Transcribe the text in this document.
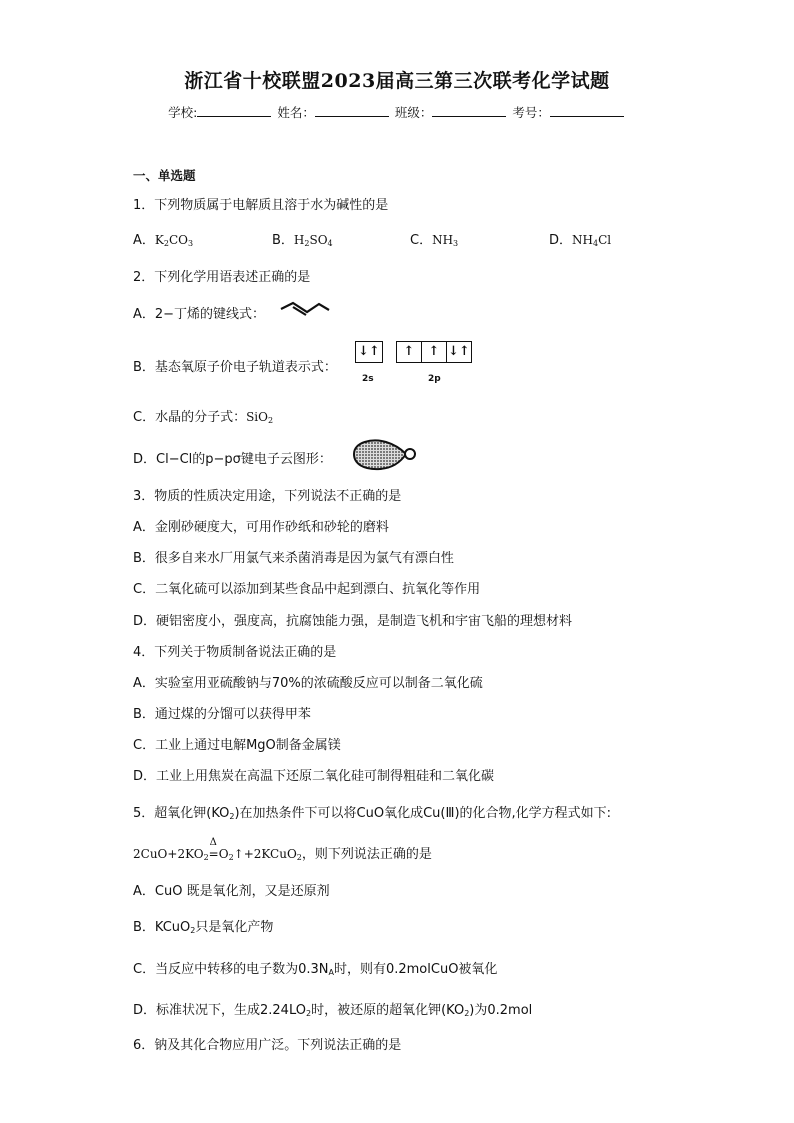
浙江省十校联盟2023届高三第三次联考化学试题
学校:	姓名：	班级：	考号：
一、单选题
1．下列物质属于电解质且溶于水为碱性的是
A．$K_2CO_3$	B．$H_2SO_4$	C．$NH_3$	D．$NH_4Cl$
2．下列化学用语表述正确的是
A．2−丁烯的键线式：
B．基态氧原子价电子轨道表示式：
↓↑	↑ ↑ ↓↑
2s	2p
C．水晶的分子式：SiO$_2$
D．Cl−Cl的p−pσ键电子云图形：
3．物质的性质决定用途，下列说法不正确的是
A．金刚砂硬度大，可用作砂纸和砂轮的磨料
B．很多自来水厂用氯气来杀菌消毒是因为氯气有漂白性
C．二氧化硫可以添加到某些食品中起到漂白、抗氧化等作用
D．硬铝密度小，强度高，抗腐蚀能力强，是制造飞机和宇宙飞船的理想材料
4．下列关于物质制备说法正确的是
A．实验室用亚硫酸钠与70%的浓硫酸反应可以制备二氧化硫
B．通过煤的分馏可以获得甲苯
C．工业上通过电解MgO制备金属镁
D．工业上用焦炭在高温下还原二氧化硅可制得粗硅和二氧化碳
5．超氧化钾$(KO_2)$在加热条件下可以将CuO氧化成Cu(Ⅲ)的化合物,化学方程式如下:
$2CuO+2KO_2$
Δ
$=O_2↑+2KCuO_2$，则下列说法正确的是
A．CuO 既是氧化剂，又是还原剂
B．KCuO$_2$只是氧化产物
C．当反应中转移的电子数为$0.3N_A$时，则有0.2molCuO被氧化
D．标准状况下，生成$2.24LO_2$时，被还原的超氧化钾$(KO_2)$为0.2mol
6．钠及其化合物应用广泛。下列说法正确的是
